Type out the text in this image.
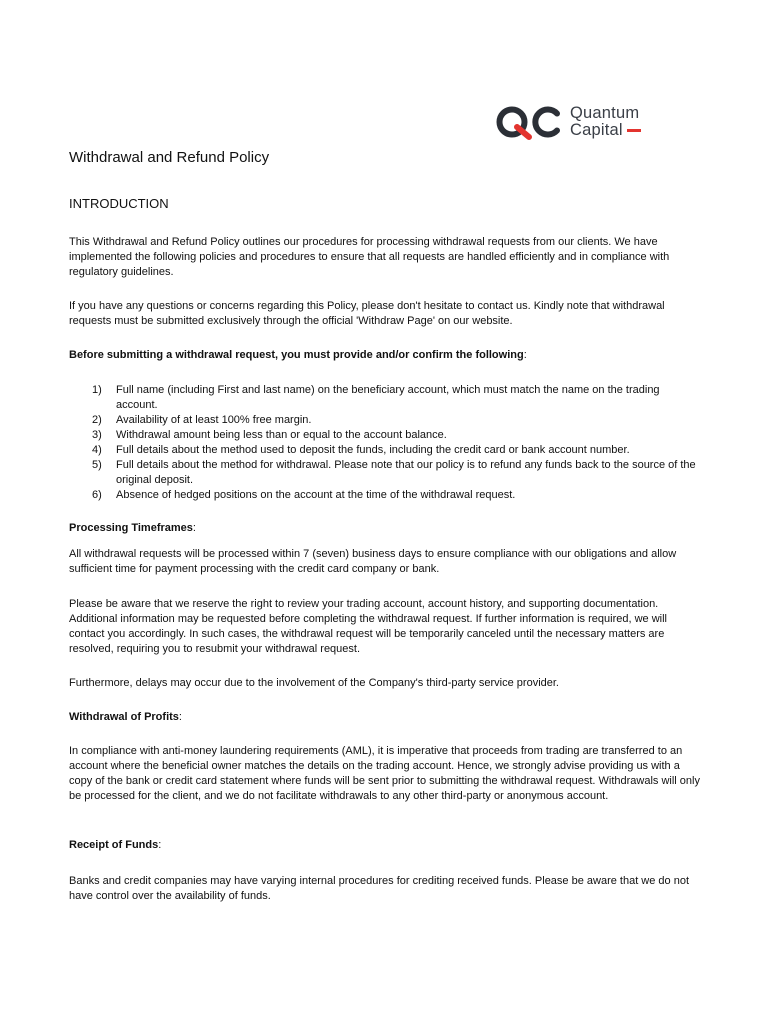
Quantum
Capital
Withdrawal and Refund Policy
INTRODUCTION

This Withdrawal and Refund Policy outlines our procedures for processing withdrawal requests from our clients. We have implemented the following policies and procedures to ensure that all requests are handled efficiently and in compliance with regulatory guidelines.

If you have any questions or concerns regarding this Policy, please don't hesitate to contact us. Kindly note that withdrawal requests must be submitted exclusively through the official 'Withdraw Page' on our website.

Before submitting a withdrawal request, you must provide and/or confirm the following:

1) Full name (including First and last name) on the beneficiary account, which must match the name on the trading account.
2) Availability of at least 100% free margin.
3) Withdrawal amount being less than or equal to the account balance.
4) Full details about the method used to deposit the funds, including the credit card or bank account number.
5) Full details about the method for withdrawal. Please note that our policy is to refund any funds back to the source of the original deposit.
6) Absence of hedged positions on the account at the time of the withdrawal request.

Processing Timeframes:

All withdrawal requests will be processed within 7 (seven) business days to ensure compliance with our obligations and allow sufficient time for payment processing with the credit card company or bank.

Please be aware that we reserve the right to review your trading account, account history, and supporting documentation. Additional information may be requested before completing the withdrawal request. If further information is required, we will contact you accordingly. In such cases, the withdrawal request will be temporarily canceled until the necessary matters are resolved, requiring you to resubmit your withdrawal request.

Furthermore, delays may occur due to the involvement of the Company's third-party service provider.

Withdrawal of Profits:

In compliance with anti-money laundering requirements (AML), it is imperative that proceeds from trading are transferred to an account where the beneficial owner matches the details on the trading account. Hence, we strongly advise providing us with a copy of the bank or credit card statement where funds will be sent prior to submitting the withdrawal request. Withdrawals will only be processed for the client, and we do not facilitate withdrawals to any other third-party or anonymous account.

Receipt of Funds:

Banks and credit companies may have varying internal procedures for crediting received funds. Please be aware that we do not have control over the availability of funds.
